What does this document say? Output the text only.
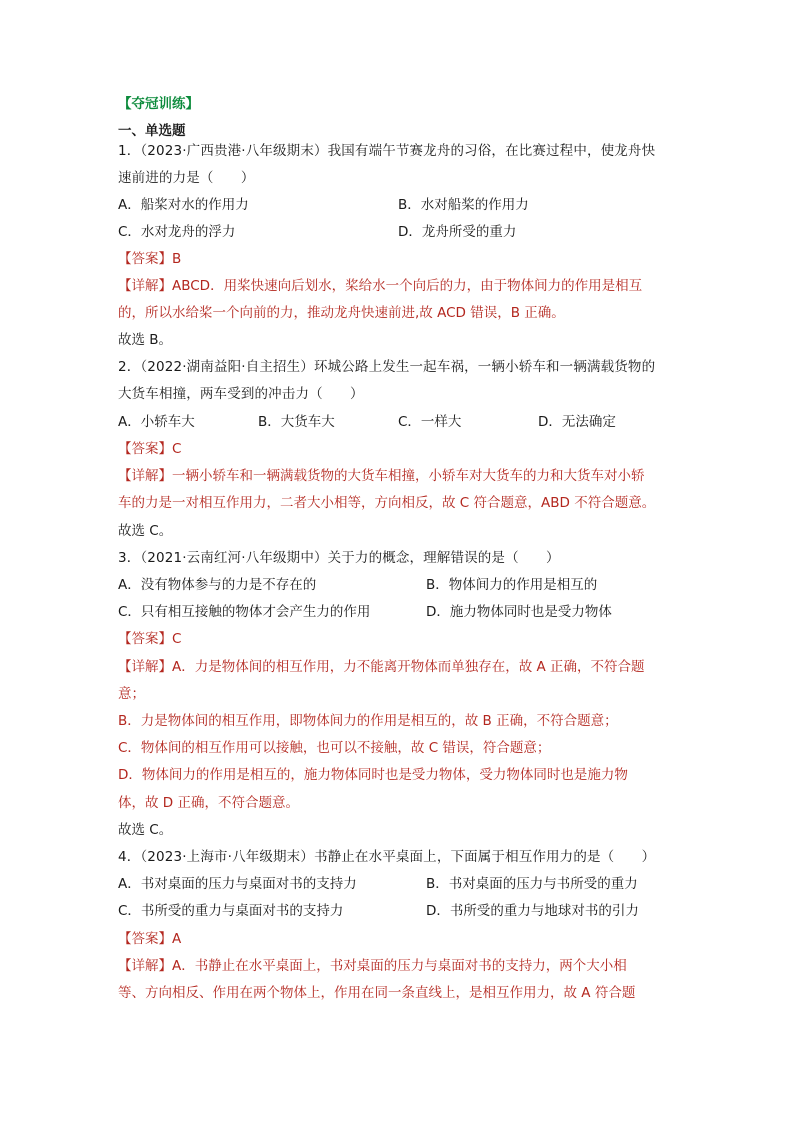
【夺冠训练】
一、单选题
1．（2023·广西贵港·八年级期末）我国有端午节赛龙舟的习俗，在比赛过程中，使龙舟快
速前进的力是（　　）
A．船桨对水的作用力	B．水对船桨的作用力
C．水对龙舟的浮力	D．龙舟所受的重力
【答案】B
【详解】ABCD．用桨快速向后划水，桨给水一个向后的力，由于物体间力的作用是相互
的，所以水给桨一个向前的力，推动龙舟快速前进,故 ACD 错误，B 正确。
故选 B。
2．（2022·湖南益阳·自主招生）环城公路上发生一起车祸，一辆小轿车和一辆满载货物的
大货车相撞，两车受到的冲击力（　　）
A．小轿车大	B．大货车大	C．一样大	D．无法确定
【答案】C
【详解】一辆小轿车和一辆满载货物的大货车相撞，小轿车对大货车的力和大货车对小轿
车的力是一对相互作用力，二者大小相等，方向相反，故 C 符合题意，ABD 不符合题意。
故选 C。
3．（2021·云南红河·八年级期中）关于力的概念，理解错误的是（　　）
A．没有物体参与的力是不存在的	B．物体间力的作用是相互的
C．只有相互接触的物体才会产生力的作用	D．施力物体同时也是受力物体
【答案】C
【详解】A．力是物体间的相互作用，力不能离开物体而单独存在，故 A 正确，不符合题
意；
B．力是物体间的相互作用，即物体间力的作用是相互的，故 B 正确，不符合题意；
C．物体间的相互作用可以接触，也可以不接触，故 C 错误，符合题意；
D．物体间力的作用是相互的，施力物体同时也是受力物体，受力物体同时也是施力物
体，故 D 正确，不符合题意。
故选 C。
4．（2023·上海市·八年级期末）书静止在水平桌面上，下面属于相互作用力的是（　　）
A．书对桌面的压力与桌面对书的支持力	B．书对桌面的压力与书所受的重力
C．书所受的重力与桌面对书的支持力	D．书所受的重力与地球对书的引力
【答案】A
【详解】A．书静止在水平桌面上，书对桌面的压力与桌面对书的支持力，两个大小相
等、方向相反、作用在两个物体上，作用在同一条直线上，是相互作用力，故 A 符合题
